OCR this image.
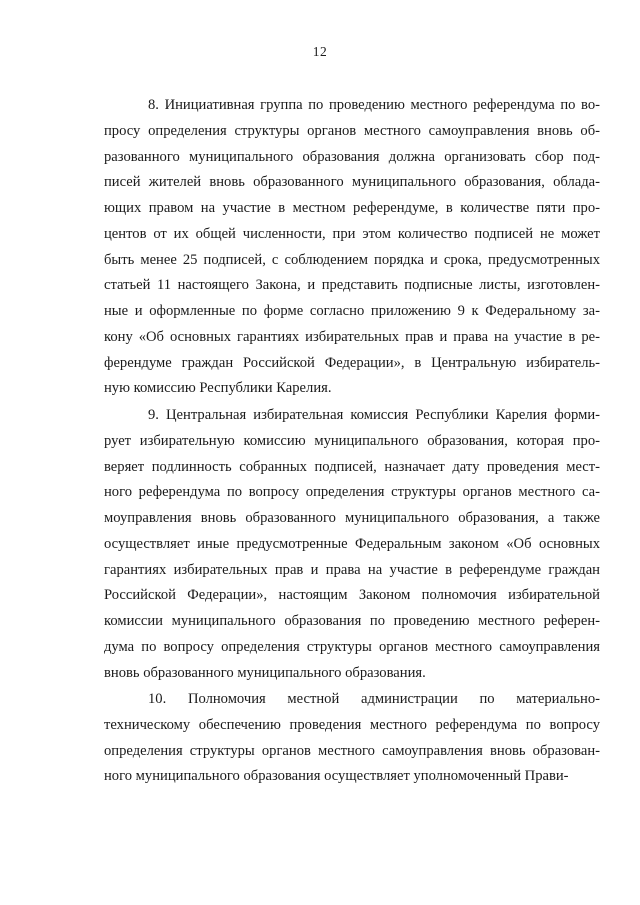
12
8. Инициативная группа по проведению местного референдума по во-
просу определения структуры органов местного самоуправления вновь об-
разованного муниципального образования должна организовать сбор под-
писей жителей вновь образованного муниципального образования, облада-
ющих правом на участие в местном референдуме, в количестве пяти про-
центов от их общей численности, при этом количество подписей не может
быть менее 25 подписей, с соблюдением порядка и срока, предусмотренных
статьей 11 настоящего Закона, и представить подписные листы, изготовлен-
ные и оформленные по форме согласно приложению 9 к Федеральному за-
кону «Об основных гарантиях избирательных прав и права на участие в ре-
ферендуме граждан Российской Федерации», в Центральную избиратель-
ную комиссию Республики Карелия.
9. Центральная избирательная комиссия Республики Карелия форми-
рует избирательную комиссию муниципального образования, которая про-
веряет подлинность собранных подписей, назначает дату проведения мест-
ного референдума по вопросу определения структуры органов местного са-
моуправления вновь образованного муниципального образования, а также
осуществляет иные предусмотренные Федеральным законом «Об основных
гарантиях избирательных прав и права на участие в референдуме граждан
Российской Федерации», настоящим Законом полномочия избирательной
комиссии муниципального образования по проведению местного референ-
дума по вопросу определения структуры органов местного самоуправления
вновь образованного муниципального образования.
10. Полномочия местной администрации по материально-
техническому обеспечению проведения местного референдума по вопросу
определения структуры органов местного самоуправления вновь образован-
ного муниципального образования осуществляет уполномоченный Прави-
